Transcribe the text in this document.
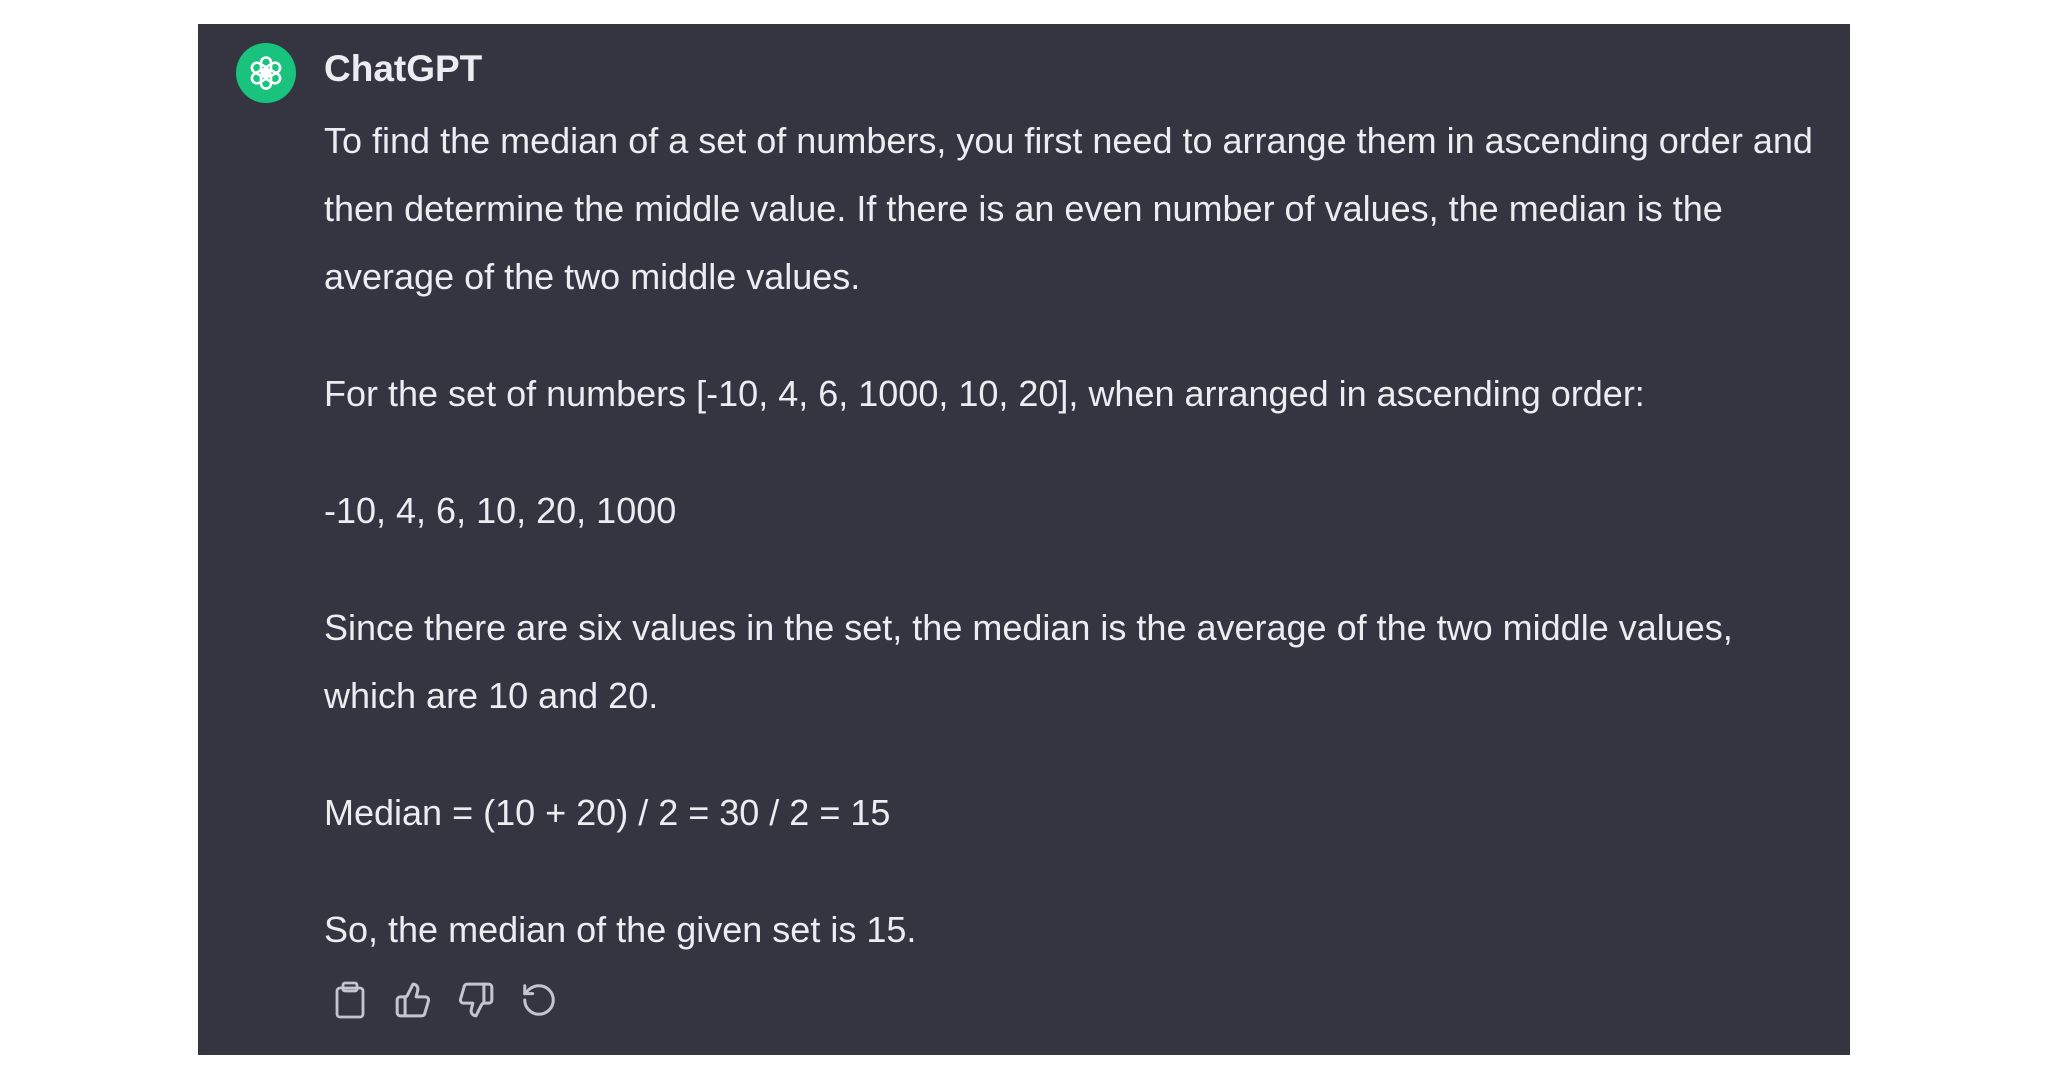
ChatGPT

To find the median of a set of numbers, you first need to arrange them in ascending order and then determine the middle value. If there is an even number of values, the median is the average of the two middle values.

For the set of numbers [-10, 4, 6, 1000, 10, 20], when arranged in ascending order:

-10, 4, 6, 10, 20, 1000

Since there are six values in the set, the median is the average of the two middle values, which are 10 and 20.

Median = (10 + 20) / 2 = 30 / 2 = 15

So, the median of the given set is 15.
